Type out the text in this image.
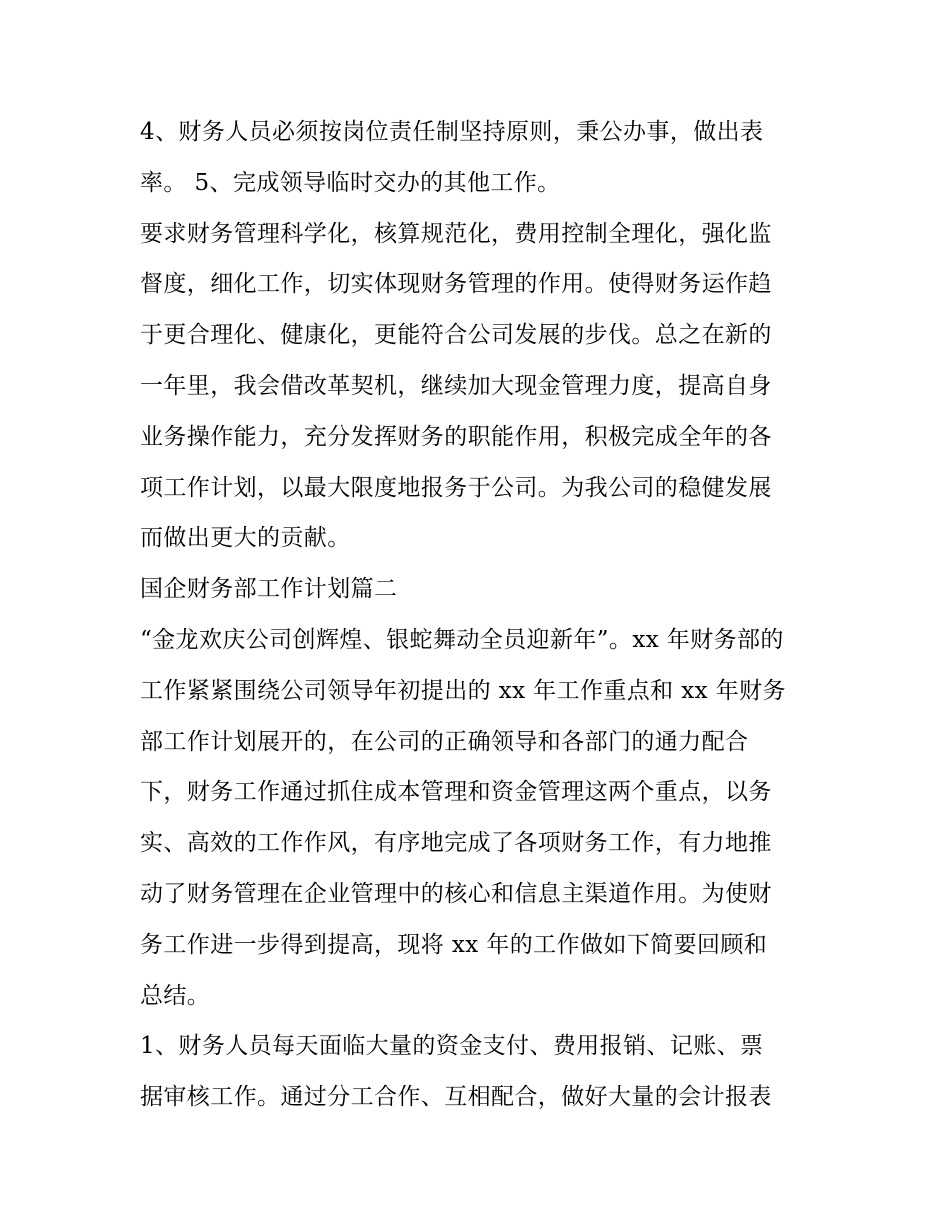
4、财务人员必须按岗位责任制坚持原则，秉公办事，做出表
率。 5、完成领导临时交办的其他工作。
要求财务管理科学化，核算规范化，费用控制全理化，强化监
督度，细化工作，切实体现财务管理的作用。使得财务运作趋
于更合理化、健康化，更能符合公司发展的步伐。总之在新的
一年里，我会借改革契机，继续加大现金管理力度，提高自身
业务操作能力，充分发挥财务的职能作用，积极完成全年的各
项工作计划，以最大限度地报务于公司。为我公司的稳健发展
而做出更大的贡献。
国企财务部工作计划篇二
“金龙欢庆公司创辉煌、银蛇舞动全员迎新年”。xx 年财务部的
工作紧紧围绕公司领导年初提出的 xx 年工作重点和 xx 年财务
部工作计划展开的，在公司的正确领导和各部门的通力配合
下，财务工作通过抓住成本管理和资金管理这两个重点，以务
实、高效的工作作风，有序地完成了各项财务工作，有力地推
动了财务管理在企业管理中的核心和信息主渠道作用。为使财
务工作进一步得到提高，现将 xx 年的工作做如下简要回顾和
总结。
1、财务人员每天面临大量的资金支付、费用报销、记账、票
据审核工作。通过分工合作、互相配合，做好大量的会计报表
